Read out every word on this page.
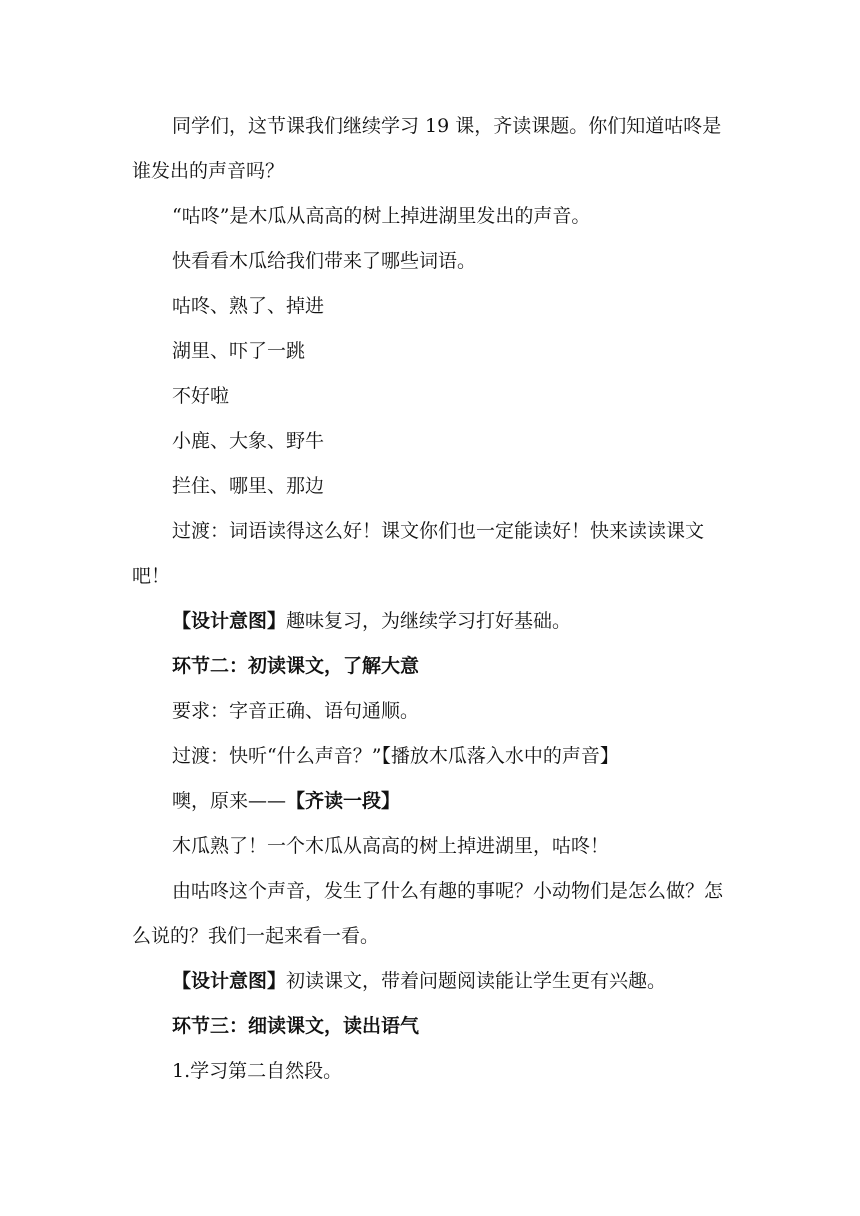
同学们，这节课我们继续学习 19 课，齐读课题。你们知道咕咚是谁发出的声音吗？

“咕咚”是木瓜从高高的树上掉进湖里发出的声音。

快看看木瓜给我们带来了哪些词语。

咕咚、熟了、掉进

湖里、吓了一跳

不好啦

小鹿、大象、野牛

拦住、哪里、那边

过渡：词语读得这么好！课文你们也一定能读好！快来读读课文吧！

【设计意图】趣味复习，为继续学习打好基础。

环节二：初读课文，了解大意

要求：字音正确、语句通顺。

过渡：快听“什么声音？”【播放木瓜落入水中的声音】

噢，原来——【齐读一段】

木瓜熟了！一个木瓜从高高的树上掉进湖里，咕咚！

由咕咚这个声音，发生了什么有趣的事呢？小动物们是怎么做？怎么说的？我们一起来看一看。

【设计意图】初读课文，带着问题阅读能让学生更有兴趣。

环节三：细读课文，读出语气

1.学习第二自然段。
